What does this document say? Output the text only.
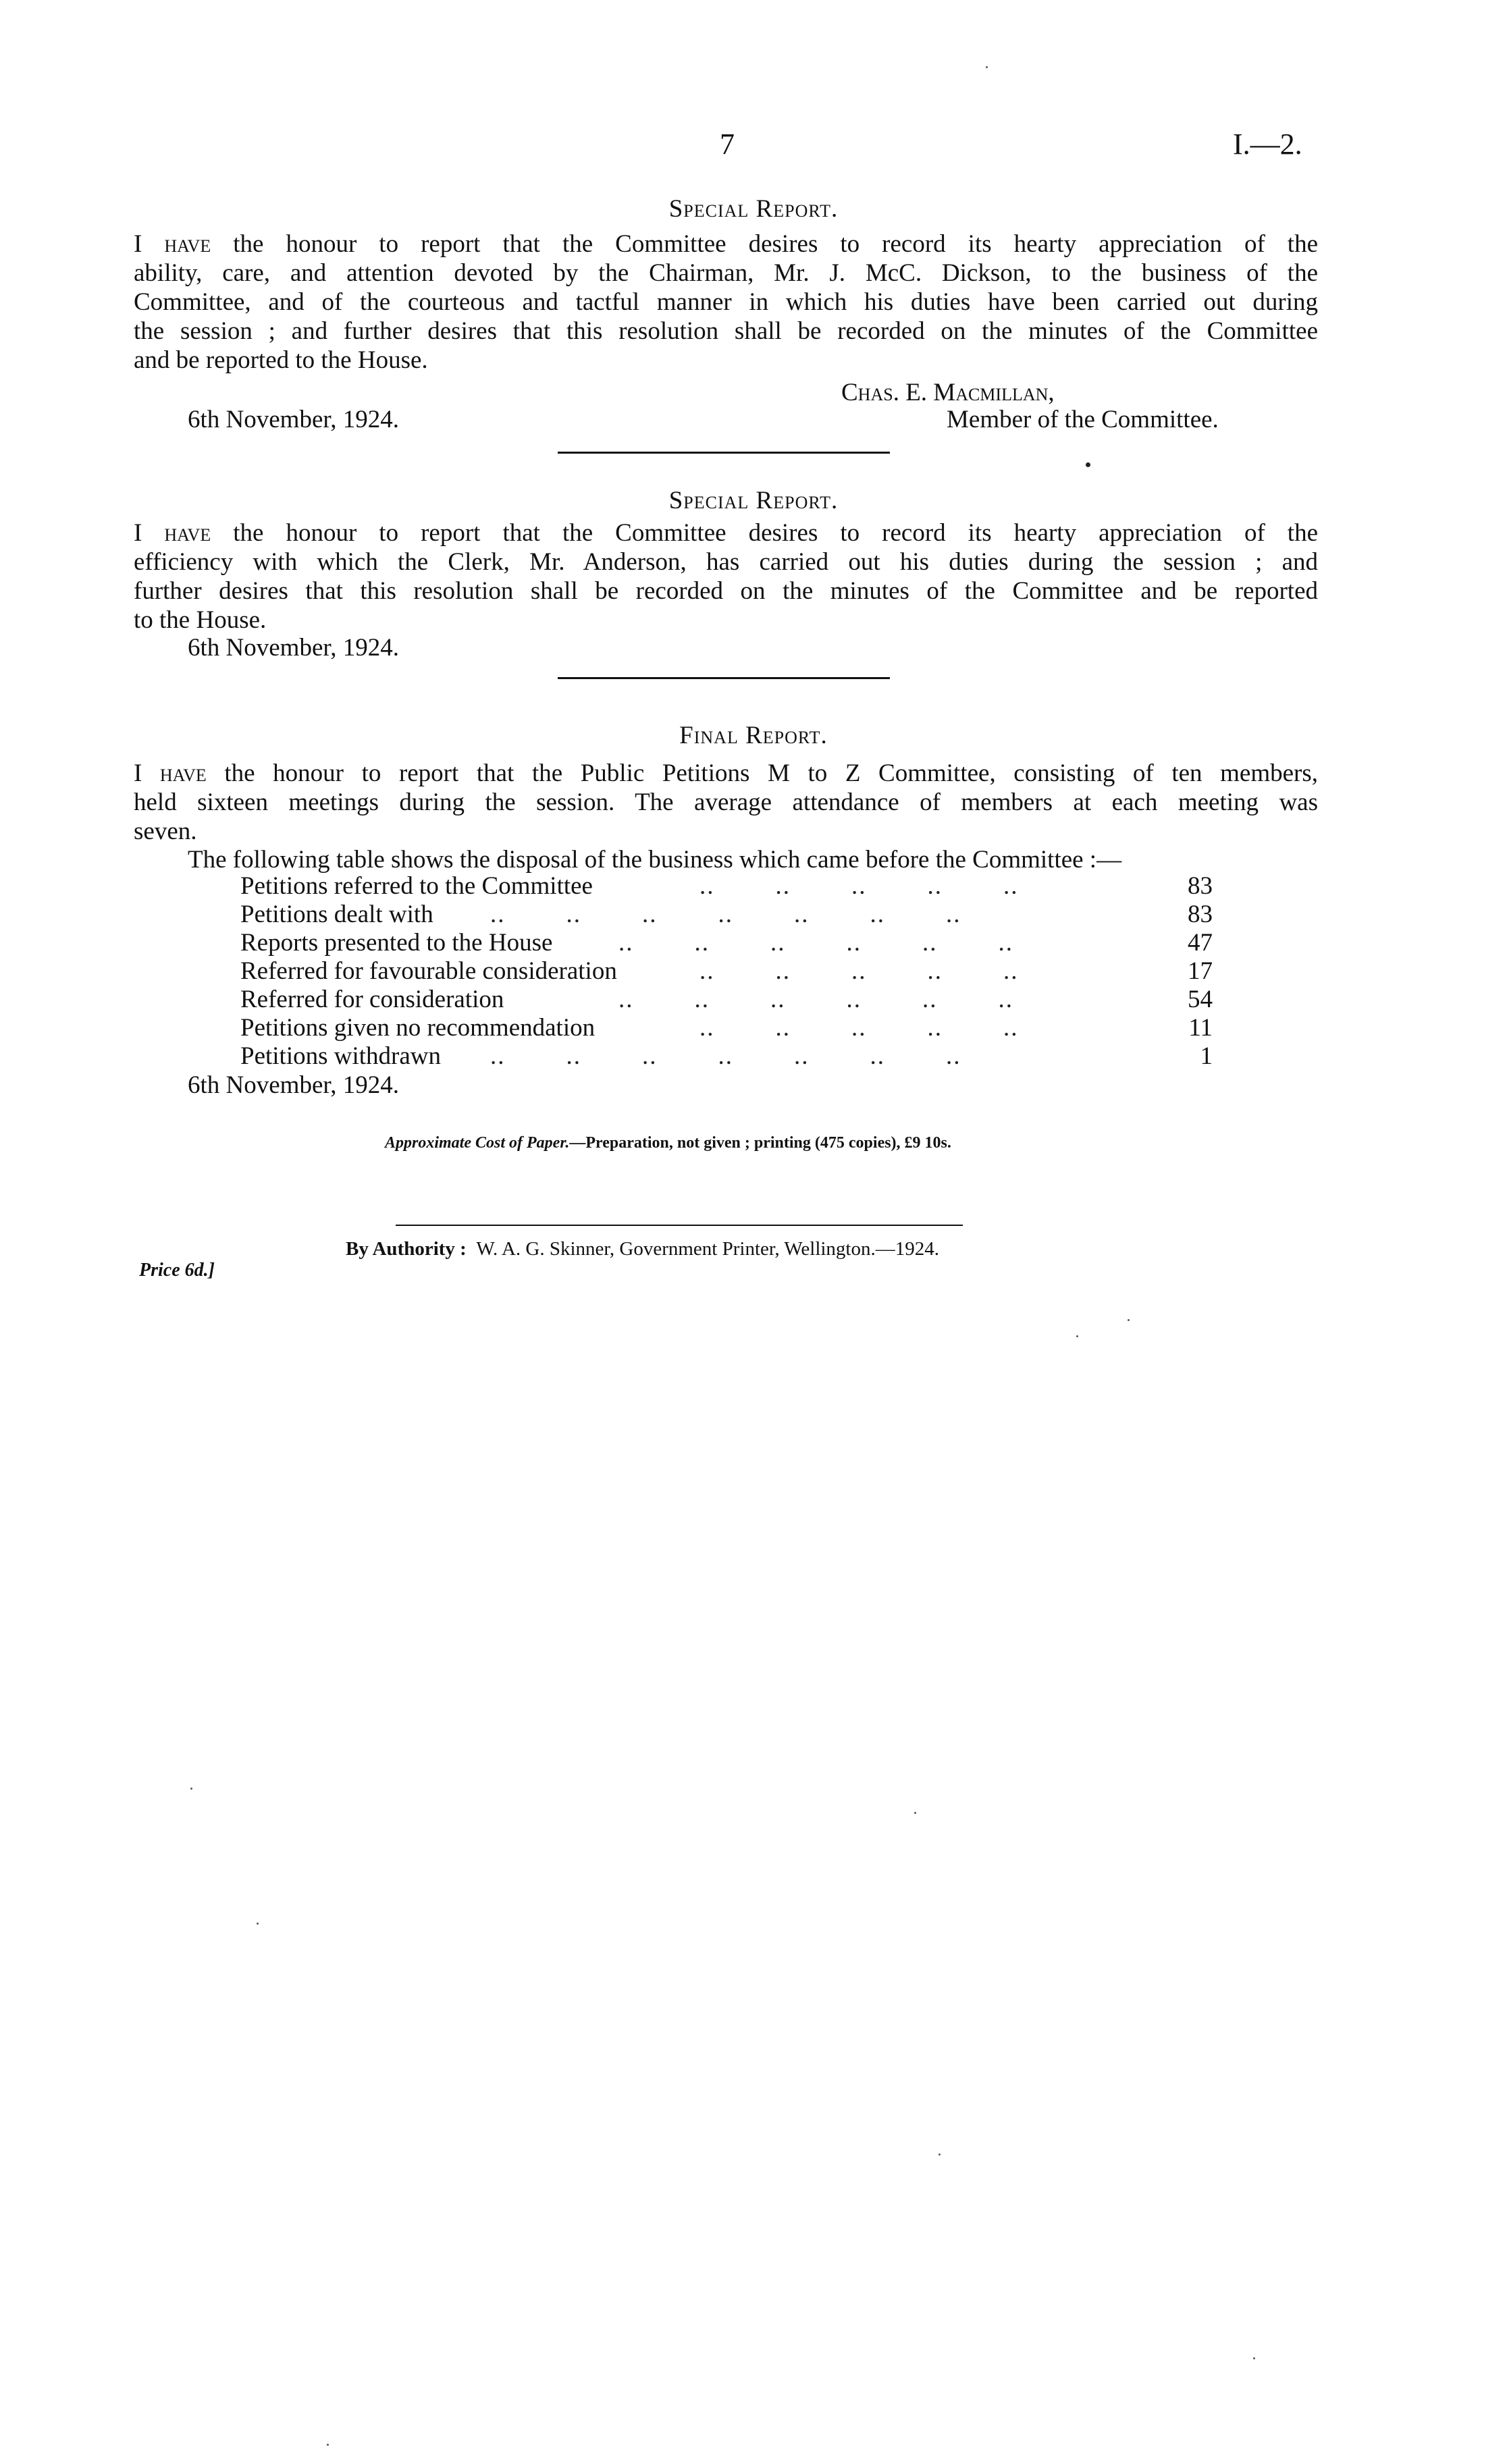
7	I.—2.
Special Report.
I have the honour to report that the Committee desires to record its hearty appreciation of the
ability, care, and attention devoted by the Chairman, Mr. J. McC. Dickson, to the business of the
Committee, and of the courteous and tactful manner in which his duties have been carried out during
the session ; and further desires that this resolution shall be recorded on the minutes of the Committee
and be reported to the House.
Chas. E. Macmillan,
6th November, 1924.	Member of the Committee.
Special Report.
I have the honour to report that the Committee desires to record its hearty appreciation of the
efficiency with which the Clerk, Mr. Anderson, has carried out his duties during the session ; and
further desires that this resolution shall be recorded on the minutes of the Committee and be reported
to the House.
6th November, 1924.
Final Report.
I have the honour to report that the Public Petitions M to Z Committee, consisting of ten members,
held sixteen meetings during the session. The average attendance of members at each meeting was
seven.
The following table shows the disposal of the business which came before the Committee :—
Petitions referred to the Committee	..        ..        ..        ..        ..	83
Petitions dealt with ..        ..        ..        ..        ..        ..        ..	83
Reports presented to the House	..        ..        ..        ..        ..        ..	47
Referred for favourable consideration	..        ..        ..        ..        ..	17
Referred for consideration	..        ..        ..        ..        ..        ..	54
Petitions given no recommendation	..        ..        ..        ..        ..	11
Petitions withdrawn ..        ..        ..        ..        ..        ..        ..	1
6th November, 1924.
Approximate Cost of Paper.—Preparation, not given ; printing (475 copies), £9 10s.
By Authority : W. A. G. Skinner, Government Printer, Wellington.—1924.
Price 6d.]
